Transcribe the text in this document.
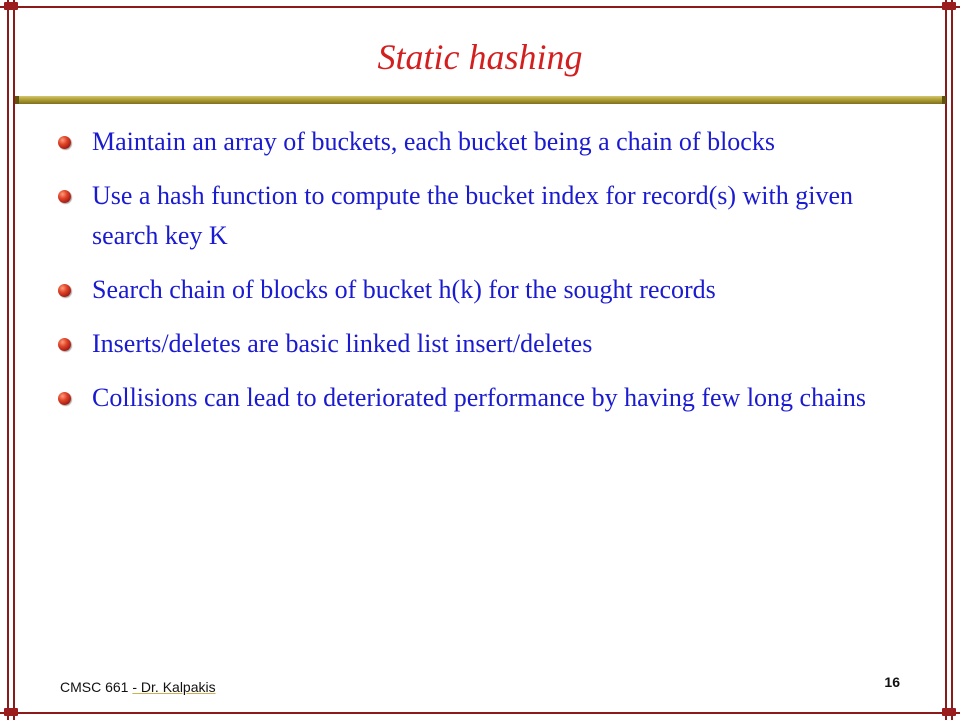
Static hashing
Maintain an array of buckets, each bucket being a chain of blocks
Use a hash function to compute the bucket index for record(s) with given search key K
Search chain of blocks of bucket h(k) for the sought records
Inserts/deletes are basic linked list insert/deletes
Collisions can lead to deteriorated performance by having few long chains
CMSC 661 - Dr. Kalpakis	16
